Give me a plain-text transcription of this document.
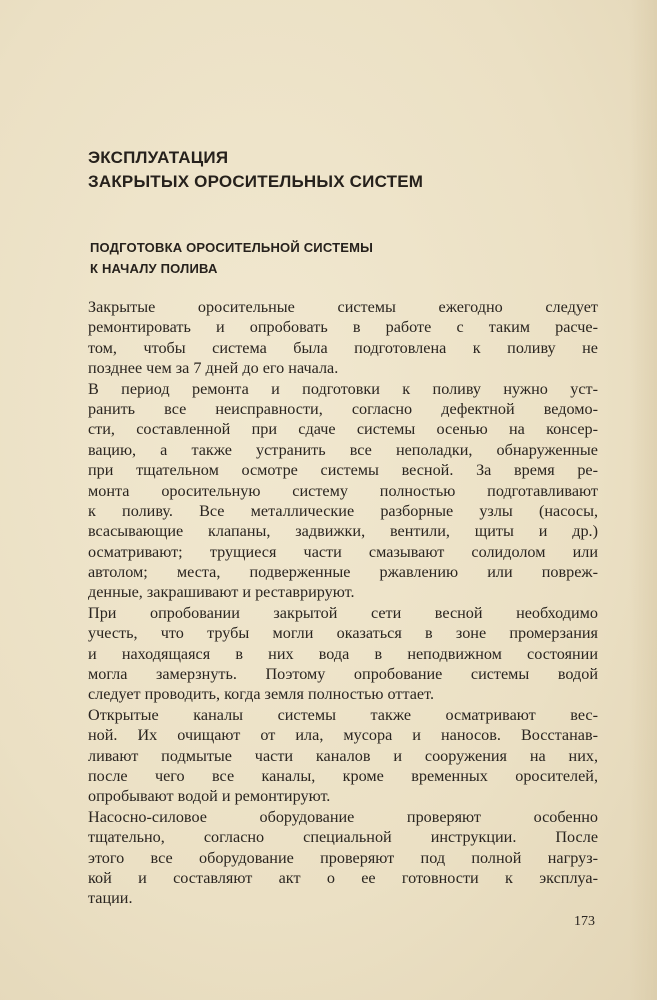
ЭКСПЛУАТАЦИЯ
ЗАКРЫТЫХ ОРОСИТЕЛЬНЫХ СИСТЕМ
ПОДГОТОВКА ОРОСИТЕЛЬНОЙ СИСТЕМЫ
К НАЧАЛУ ПОЛИВА
Закрытые оросительные системы ежегодно следует
ремонтировать и опробовать в работе с таким расче-
том, чтобы система была подготовлена к поливу не
позднее чем за 7 дней до его начала.
В период ремонта и подготовки к поливу нужно уст-
ранить все неисправности, согласно дефектной ведомо-
сти, составленной при сдаче системы осенью на консер-
вацию, а также устранить все неполадки, обнаруженные
при тщательном осмотре системы весной. За время ре-
монта оросительную систему полностью подготавливают
к поливу. Все металлические разборные узлы (насосы,
всасывающие клапаны, задвижки, вентили, щиты и др.)
осматривают; трущиеся части смазывают солидолом или
автолом; места, подверженные ржавлению или повреж-
денные, закрашивают и реставрируют.
При опробовании закрытой сети весной необходимо
учесть, что трубы могли оказаться в зоне промерзания
и находящаяся в них вода в неподвижном состоянии
могла замерзнуть. Поэтому опробование системы водой
следует проводить, когда земля полностью оттает.
Открытые каналы системы также осматривают вес-
ной. Их очищают от ила, мусора и наносов. Восстанав-
ливают подмытые части каналов и сооружения на них,
после чего все каналы, кроме временных оросителей,
опробывают водой и ремонтируют.
Насосно-силовое оборудование проверяют особенно
тщательно, согласно специальной инструкции. После
этого все оборудование проверяют под полной нагруз-
кой и составляют акт о ее готовности к эксплуа-
тации.
173
